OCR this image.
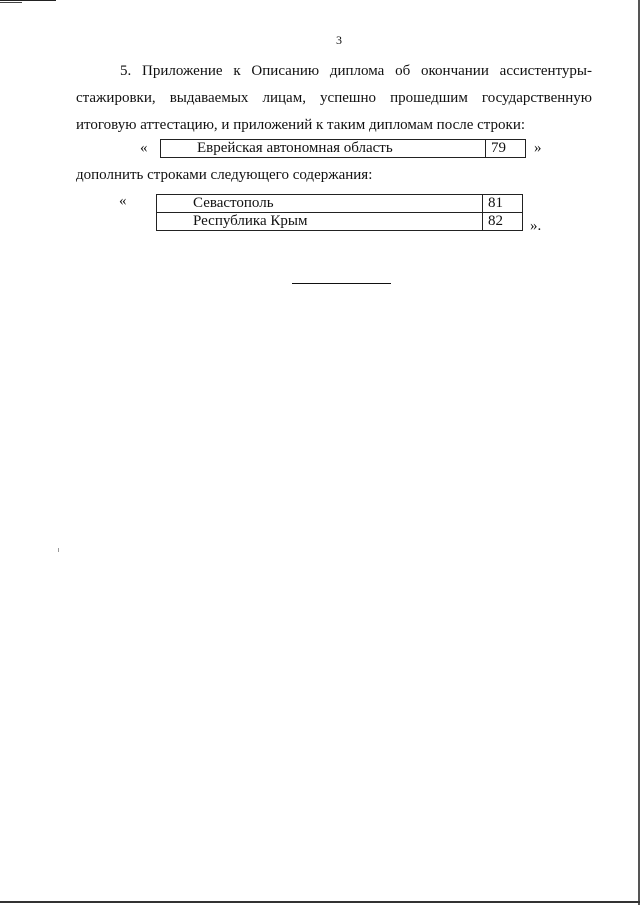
3
5. Приложение к Описанию диплома об окончании ассистентуры-
стажировки, выдаваемых лицам, успешно прошедшим государственную
итоговую аттестацию, и приложений к таким дипломам после строки:
«	Еврейская автономная область	79 »
дополнить строками следующего содержания:
«	Севастополь	81
Республика Крым	82 ».
